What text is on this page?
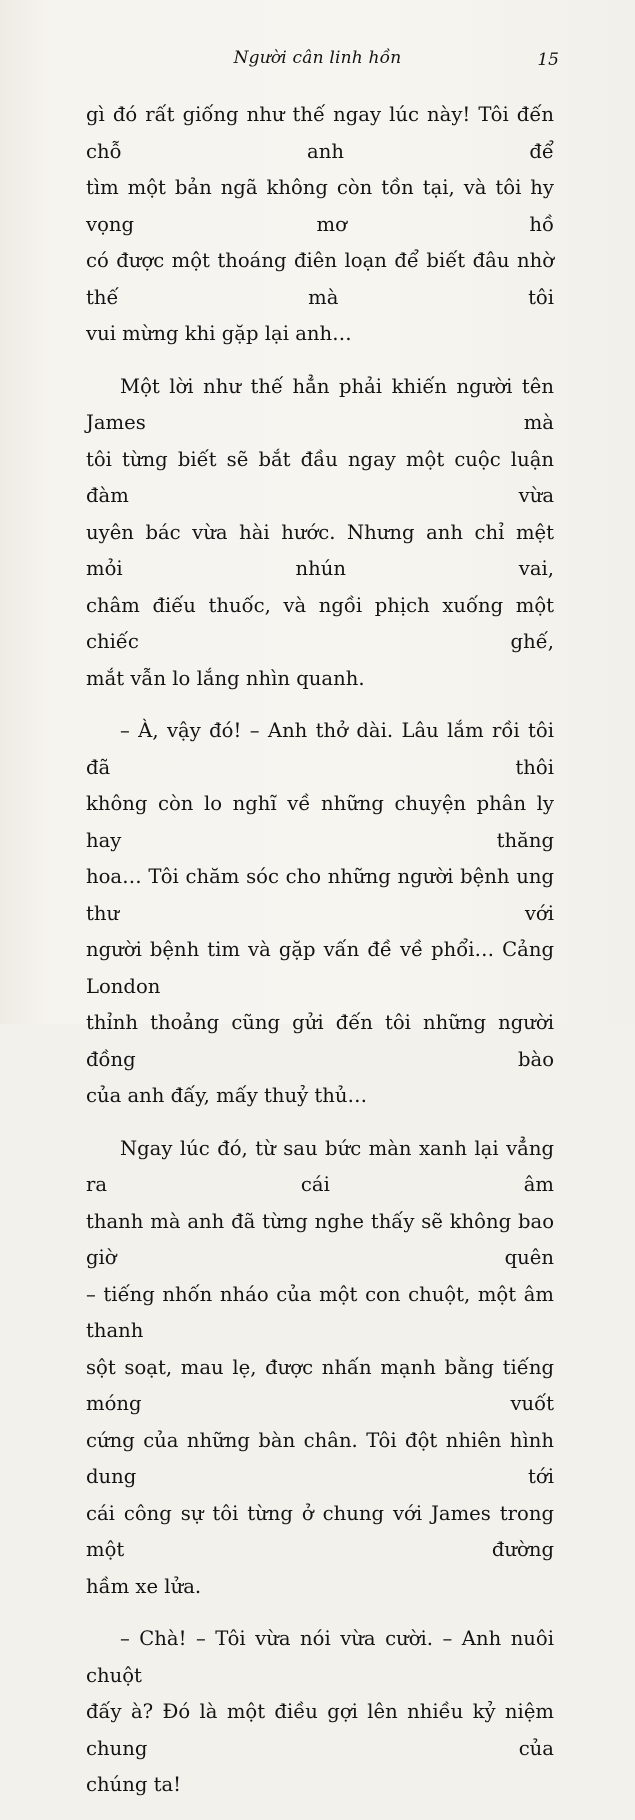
Người cân linh hồn	15

gì đó rất giống như thế ngay lúc này! Tôi đến chỗ anh để
tìm một bản ngã không còn tồn tại, và tôi hy vọng mơ hồ
có được một thoáng điên loạn để biết đâu nhờ thế mà tôi
vui mừng khi gặp lại anh…

Một lời như thế hẳn phải khiến người tên James mà
tôi từng biết sẽ bắt đầu ngay một cuộc luận đàm vừa
uyên bác vừa hài hước. Nhưng anh chỉ mệt mỏi nhún vai,
châm điếu thuốc, và ngồi phịch xuống một chiếc ghế,
mắt vẫn lo lắng nhìn quanh.

– À, vậy đó! – Anh thở dài. Lâu lắm rồi tôi đã thôi
không còn lo nghĩ về những chuyện phân ly hay thăng
hoa… Tôi chăm sóc cho những người bệnh ung thư với
người bệnh tim và gặp vấn đề về phổi… Cảng London
thỉnh thoảng cũng gửi đến tôi những người đồng bào
của anh đấy, mấy thuỷ thủ…

Ngay lúc đó, từ sau bức màn xanh lại vẳng ra cái âm
thanh mà anh đã từng nghe thấy sẽ không bao giờ quên
– tiếng nhốn nháo của một con chuột, một âm thanh
sột soạt, mau lẹ, được nhấn mạnh bằng tiếng móng vuốt
cứng của những bàn chân. Tôi đột nhiên hình dung tới
cái công sự tôi từng ở chung với James trong một đường
hầm xe lửa.

– Chà! – Tôi vừa nói vừa cười. – Anh nuôi chuột
đấy à? Đó là một điều gợi lên nhiều kỷ niệm chung của
chúng ta!
